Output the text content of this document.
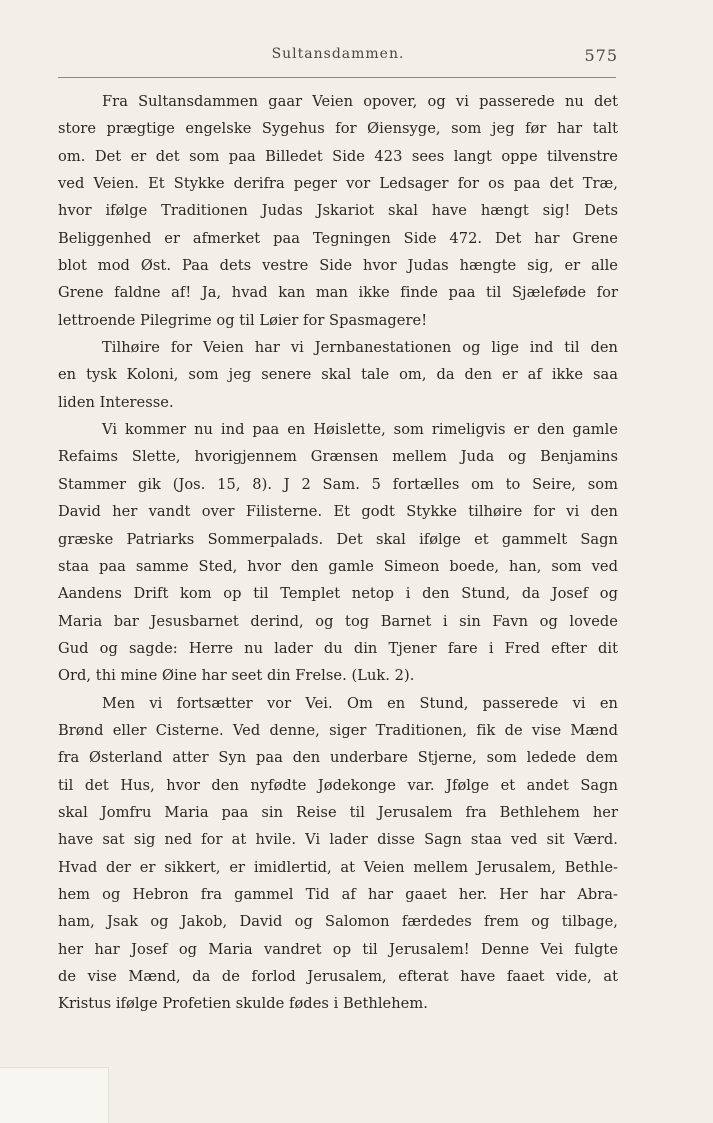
Sultansdammen.	575
Fra Sultansdammen gaar Veien opover, og vi passerede nu det
store prægtige engelske Sygehus for Øiensyge, som jeg før har talt
om. Det er det som paa Billedet Side 423 sees langt oppe tilvenstre
ved Veien. Et Stykke derifra peger vor Ledsager for os paa det Træ,
hvor ifølge Traditionen Judas Jskariot skal have hængt sig! Dets
Beliggenhed er afmerket paa Tegningen Side 472. Det har Grene
blot mod Øst. Paa dets vestre Side hvor Judas hængte sig, er alle
Grene faldne af! Ja, hvad kan man ikke finde paa til Sjæleføde for
lettroende Pilegrime og til Løier for Spasmagere!
Tilhøire for Veien har vi Jernbanestationen og lige ind til den
en tysk Koloni, som jeg senere skal tale om, da den er af ikke saa
liden Interesse.
Vi kommer nu ind paa en Høislette, som rimeligvis er den gamle
Refaims Slette, hvorigjennem Grænsen mellem Juda og Benjamins
Stammer gik (Jos. 15, 8). J 2 Sam. 5 fortælles om to Seire, som
David her vandt over Filisterne. Et godt Stykke tilhøire for vi den
græske Patriarks Sommerpalads. Det skal ifølge et gammelt Sagn
staa paa samme Sted, hvor den gamle Simeon boede, han, som ved
Aandens Drift kom op til Templet netop i den Stund, da Josef og
Maria bar Jesusbarnet derind, og tog Barnet i sin Favn og lovede
Gud og sagde: Herre nu lader du din Tjener fare i Fred efter dit
Ord, thi mine Øine har seet din Frelse. (Luk. 2).
Men vi fortsætter vor Vei. Om en Stund, passerede vi en
Brønd eller Cisterne. Ved denne, siger Traditionen, fik de vise Mænd
fra Østerland atter Syn paa den underbare Stjerne, som ledede dem
til det Hus, hvor den nyfødte Jødekonge var. Jfølge et andet Sagn
skal Jomfru Maria paa sin Reise til Jerusalem fra Bethlehem her
have sat sig ned for at hvile. Vi lader disse Sagn staa ved sit Værd.
Hvad der er sikkert, er imidlertid, at Veien mellem Jerusalem, Bethle-
hem og Hebron fra gammel Tid af har gaaet her. Her har Abra-
ham, Jsak og Jakob, David og Salomon færdedes frem og tilbage,
her har Josef og Maria vandret op til Jerusalem! Denne Vei fulgte
de vise Mænd, da de forlod Jerusalem, efterat have faaet vide, at
Kristus ifølge Profetien skulde fødes i Bethlehem.
